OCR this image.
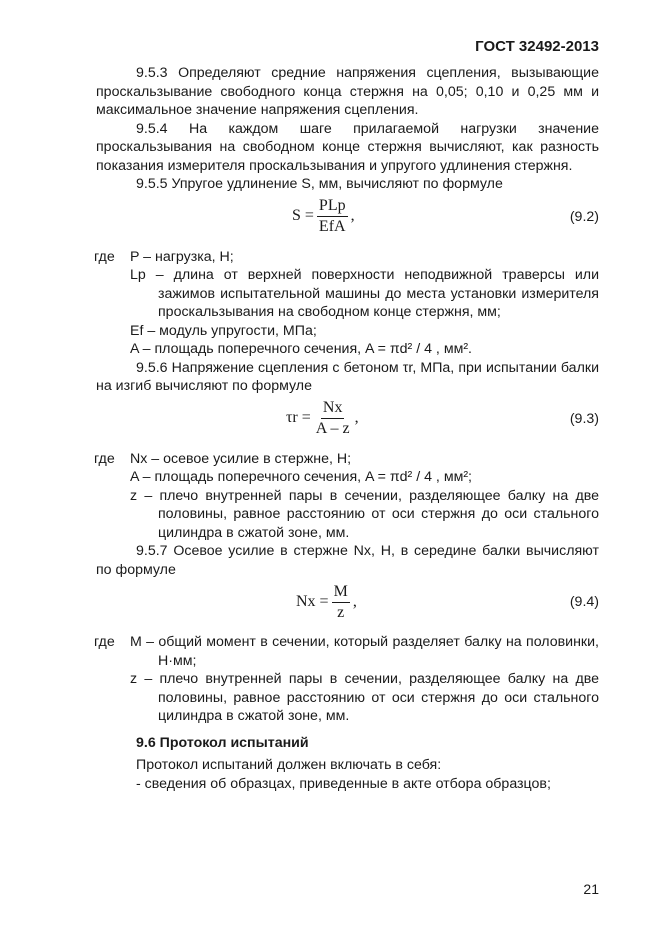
ГОСТ 32492-2013

9.5.3 Определяют средние напряжения сцепления, вызывающие проскальзывание свободного конца стержня на 0,05; 0,10 и 0,25 мм и максимальное значение напряжения сцепления.

9.5.4 На каждом шаге прилагаемой нагрузки значение проскальзывания на свободном конце стержня вычисляют, как разность показания измерителя проскальзывания и упругого удлинения стержня.

9.5.5 Упругое удлинение S, мм, вычисляют по формуле

$S = \frac{\text{PLp}}{\text{EfA}}$ ,	(9.2)
где	P – нагрузка, Н;
Lp – длина от верхней поверхности неподвижной траверсы или зажимов испытательной машины до места установки измерителя проскальзывания на свободном конце стержня, мм;
Ef – модуль упругости, МПа;
A – площадь поперечного сечения, A = πd² / 4 , мм².

9.5.6 Напряжение сцепления с бетоном τr, МПа, при испытании балки на изгиб вычисляют по формуле

$\tau r = \frac{Nx}{A - z}$ ,	(9.3)
где	Nx – осевое усилие в стержне, Н;
A – площадь поперечного сечения, A = πd² / 4 , мм²;
z – плечо внутренней пары в сечении, разделяющее балку на две половины, равное расстоянию от оси стержня до оси стального цилиндра в сжатой зоне, мм.

9.5.7 Осевое усилие в стержне Nx, Н, в середине балки вычисляют по формуле

$Nx = \frac{M}{z}$ ,	(9.4)
где	M – общий момент в сечении, который разделяет балку на половинки, Н·мм;
z – плечо внутренней пары в сечении, разделяющее балку на две половины, равное расстоянию от оси стержня до оси стального цилиндра в сжатой зоне, мм.
9.6 Протокол испытаний

Протокол испытаний должен включать в себя:

- сведения об образцах, приведенные в акте отбора образцов;

21
